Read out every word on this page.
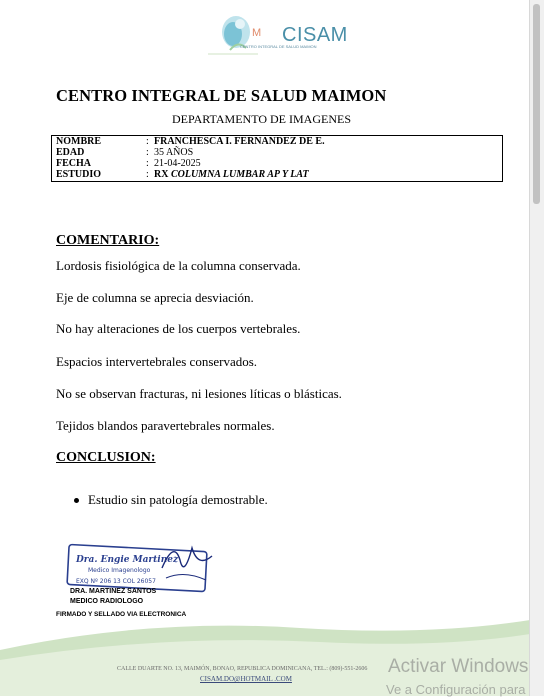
M CISAM
CENTRO INTEGRAL DE SALUD MAIMON
CENTRO INTEGRAL DE SALUD MAIMON
DEPARTAMENTO DE IMAGENES
NOMBRE	: FRANCHESCA I. FERNANDEZ DE E.
EDAD	: 35 AÑOS
FECHA	: 21-04-2025
ESTUDIO	: RX COLUMNA LUMBAR AP Y LAT
COMENTARIO:
Lordosis fisiológica de la columna conservada.
Eje de columna se aprecia desviación.
No hay alteraciones de los cuerpos vertebrales.
Espacios intervertebrales conservados.
No se observan fracturas, ni lesiones líticas o blásticas.
Tejidos blandos paravertebrales normales.
CONCLUSION:
Estudio sin patología demostrable.
Dra. Engie Martinez
Medico Imagenologo
EXQ Nº 206 13 COL 26057
DRA. MARTINEZ SANTOS
MEDICO RADIOLOGO
FIRMADO Y SELLADO VIA ELECTRONICA
CALLE DUARTE NO. 13, MAIMÓN, BONAO, REPUBLICA DOMINICANA, TEL.: (809)-551-2606
CISAM.DO@HOTMAIL .COM
Activar Windows
Ve a Configuración para
